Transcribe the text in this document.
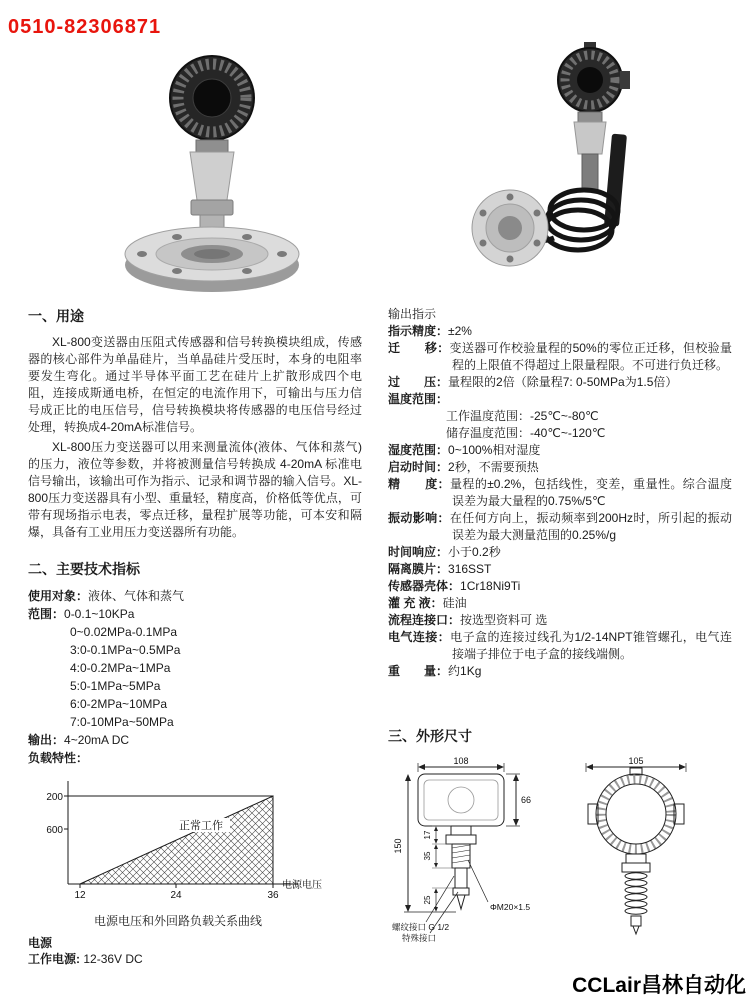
0510-82306871
一、用途

XL-800变送器由压阻式传感器和信号转换模块组成，传感器的核心部件为单晶硅片，当单晶硅片受压时，本身的电阻率要发生弯化。通过半导体平面工艺在硅片上扩散形成四个电阻，连接成斯通电桥，在恒定的电流作用下，可输出与压力信号成正比的电压信号，信号转换模块将传感器的电压信号经过处理，转换成4-20mA标准信号。

XL-800压力变送器可以用来测量流体(液体、气体和蒸气)的压力，液位等参数，并将被测量信号转换成 4-20mA 标准电信号输出，该输出可作为指示、记录和调节器的输入信号。XL-800压力变送器具有小型、重量轻，精度高，价格低等优点，可带有现场指示电表，零点迁移，量程扩展等功能，可本安和隔爆，具备有工业用压力变送器所有功能。

二、主要技术指标
使用对象：液体、气体和蒸气
范围：0-0.1~10KPa
0~0.02MPa-0.1MPa
3:0-0.1MPa~0.5MPa
4:0-0.2MPa~1MPa
5:0-1MPa~5MPa
6:0-2MPa~10MPa
7:0-10MPa~50MPa
输出：4~20mA DC
负载特性：
200
600
12	24	36
电源电压
正常工作
电源电压和外回路负载关系曲线
电源
工作电源: 12-36V DC
输出指示
指示精度：±2%
迁　　移：变送器可作校验量程的50%的零位正迁移，但校验量程的上限值不得超过上限量程限。不可进行负迁移。
过　　压：量程限的2倍（除量程7: 0-50MPa为1.5倍）
温度范围：
工作温度范围：-25℃~-80℃
储存温度范围：-40℃~-120℃
湿度范围：0~100%相对湿度
启动时间：2秒，不需要预热
精　　度：量程的±0.2%，包括线性，变差，重量性。综合温度误差为最大量程的0.75%/5℃
振动影响：在任何方向上，振动频率到200Hz时，所引起的振动误差为最大测量范围的0.25%/g
时间响应：小于0.2秒
隔离膜片：316SST
传感器壳体：1Cr18Ni9Ti
灌 充 液：硅油
流程连接口：按选型资料可 选
电气连接：电子盒的连接过线孔为1/2-14NPT锥管螺孔，电气连接端子排位于电子盒的接线端侧。
重　　量：约1Kg
三、外形尺寸
108
66
150
17
35
25
ΦM20×1.5
螺纹接口 G 1/2
特殊接口
105
CCLair昌林自动化
